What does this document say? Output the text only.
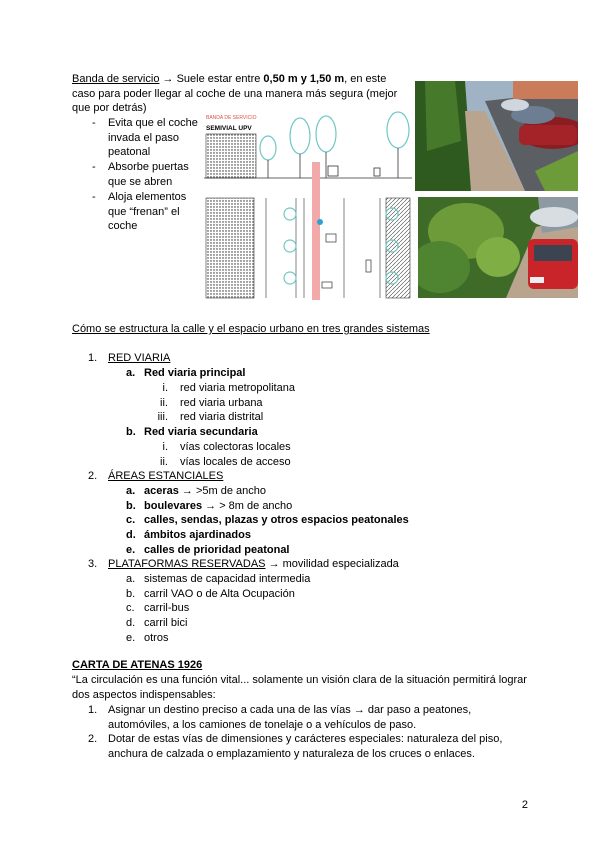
Banda de servicio → Suele estar entre 0,50 m y 1,50 m, en este caso para poder llegar al coche de una manera más segura (mejor que por detrás)
- Evita que el coche invada el paso peatonal
- Absorbe puertas que se abren
- Aloja elementos que “frenan” el coche
BANDA DE SERVICIO
SEMIVIAL UPV
Cómo se estructura la calle y el espacio urbano en tres grandes sistemas
1. RED VIARIA
a. Red viaria principal
i. red viaria metropolitana
ii. red viaria urbana
iii. red viaria distrital
b. Red viaria secundaria
i. vías colectoras locales
ii. vías locales de acceso
2. ÁREAS ESTANCIALES
a. aceras → >5m de ancho
b. boulevares → > 8m de ancho
c. calles, sendas, plazas y otros espacios peatonales
d. ámbitos ajardinados
e. calles de prioridad peatonal
3. PLATAFORMAS RESERVADAS → movilidad especializada
a. sistemas de capacidad intermedia
b. carril VAO o de Alta Ocupación
c. carril-bus
d. carril bici
e. otros
CARTA DE ATENAS 1926
“La circulación es una función vital... solamente un visión clara de la situación permitirá lograr dos aspectos indispensables:
1. Asignar un destino preciso a cada una de las vías → dar paso a peatones, automóviles, a los camiones de tonelaje o a vehículos de paso.
2. Dotar de estas vías de dimensiones y carácteres especiales: naturaleza del piso, anchura de calzada o emplazamiento y naturaleza de los cruces o enlaces.
2
